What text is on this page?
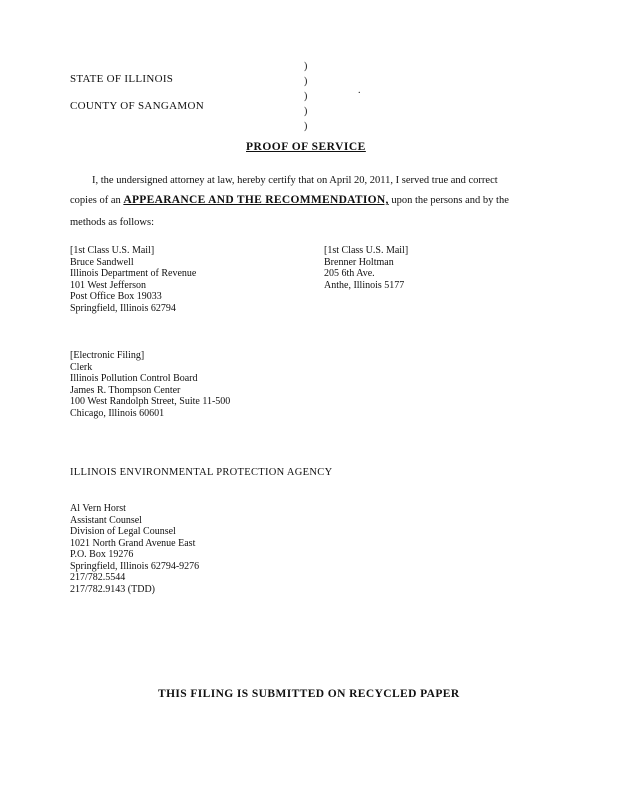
)
)
)
)
)
STATE OF ILLINOIS
.
COUNTY OF SANGAMON
PROOF OF SERVICE
I, the undersigned attorney at law, hereby certify that on April 20, 2011, I served true and correct
copies of an APPEARANCE AND THE RECOMMENDATION, upon the persons and by the
methods as follows:
[1st Class U.S. Mail]
Bruce Sandwell
Illinois Department of Revenue
101 West Jefferson
Post Office Box 19033
Springfield, Illinois 62794
[1st Class U.S. Mail]
Brenner Holtman
205 6th Ave.
Anthe, Illinois 5177
[Electronic Filing]
Clerk
Illinois Pollution Control Board
James R. Thompson Center
100 West Randolph Street, Suite 11-500
Chicago, Illinois 60601
ILLINOIS ENVIRONMENTAL PROTECTION AGENCY
Al Vern Horst
Assistant Counsel
Division of Legal Counsel
1021 North Grand Avenue East
P.O. Box 19276
Springfield, Illinois 62794-9276
217/782.5544
217/782.9143 (TDD)
THIS FILING IS SUBMITTED ON RECYCLED PAPER
